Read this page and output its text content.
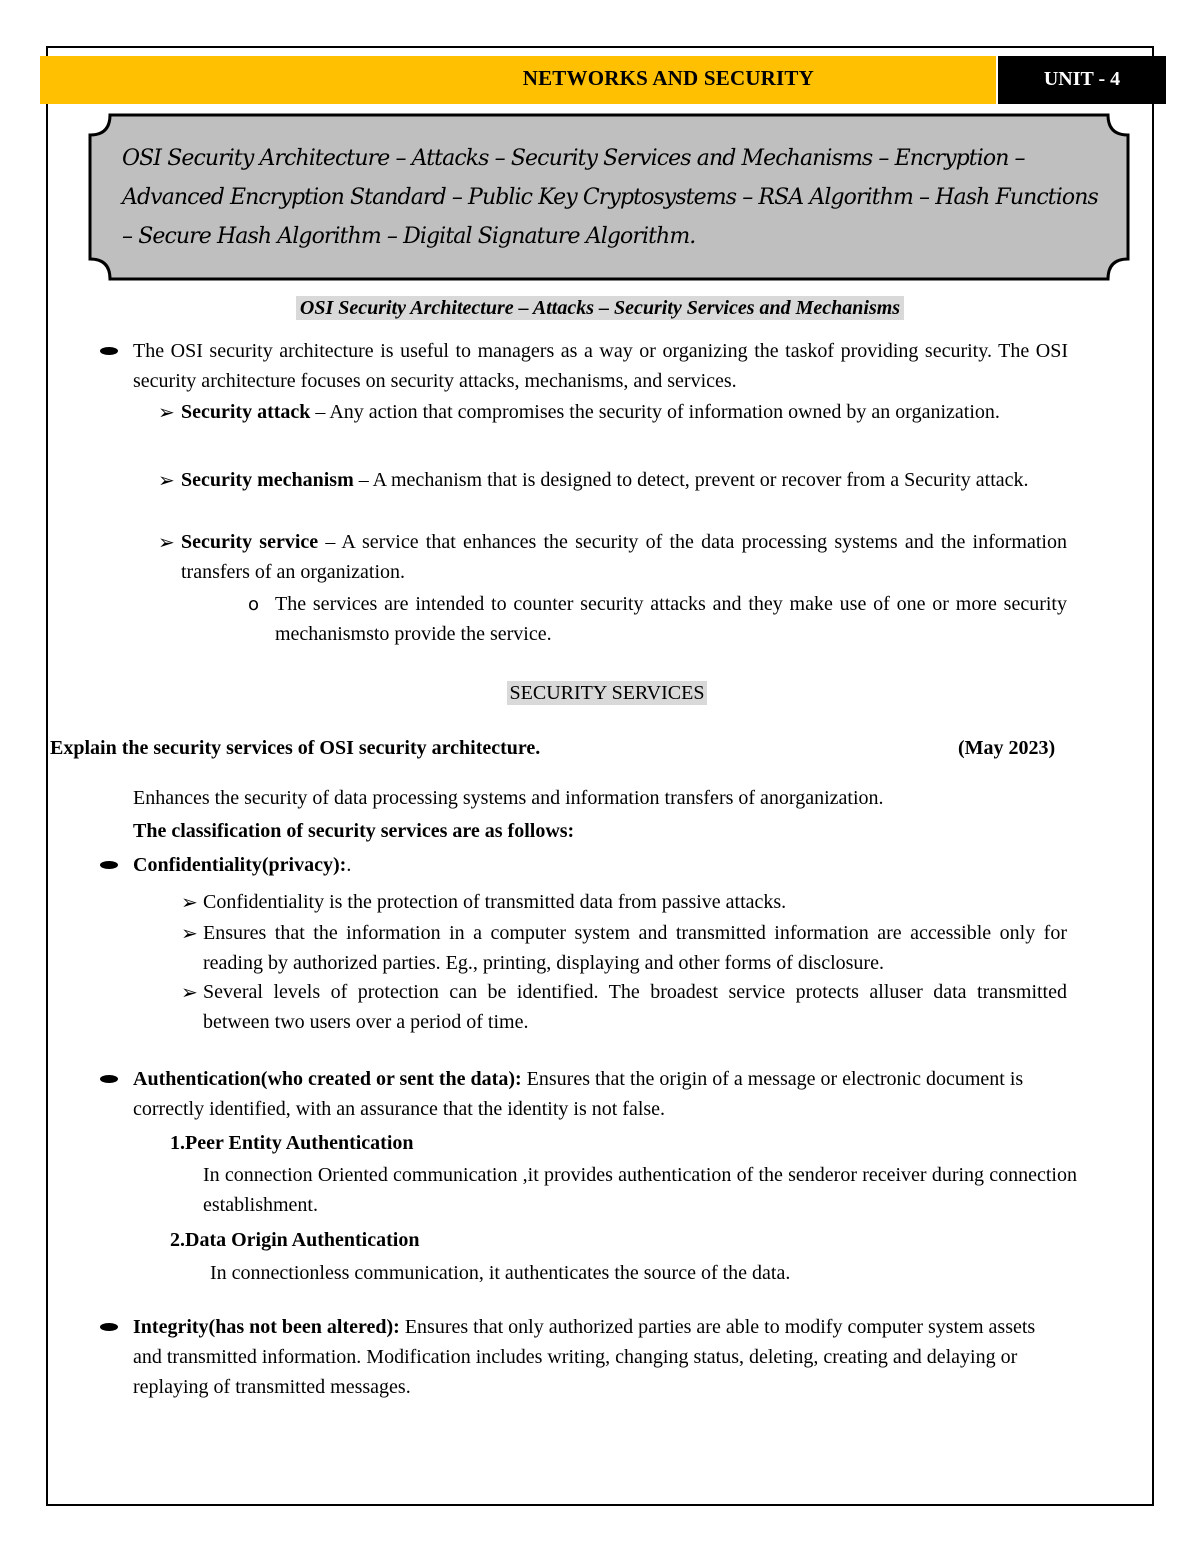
NETWORKS AND SECURITY	UNIT - 4
OSI Security Architecture – Attacks – Security Services and Mechanisms – Encryption –Advanced Encryption Standard – Public Key Cryptosystems – RSA Algorithm – Hash Functions – Secure Hash Algorithm – Digital Signature Algorithm.
OSI Security Architecture – Attacks – Security Services and Mechanisms
The OSI security architecture is useful to managers as a way or organizing the taskof providing security. The OSI security architecture focuses on security attacks, mechanisms, and services.
➢ Security attack – Any action that compromises the security of information owned by an organization.
➢ Security mechanism – A mechanism that is designed to detect, prevent or recover from a Security attack.
➢ Security service – A service that enhances the security of the data processing systems and the information transfers of an organization.
o The services are intended to counter security attacks and they make use of one or more security mechanismsto provide the service.
SECURITY SERVICES
Explain the security services of OSI security architecture.	(May 2023)
Enhances the security of data processing systems and information transfers of anorganization.
The classification of security services are as follows:
Confidentiality(privacy):.
➢ Confidentiality is the protection of transmitted data from passive attacks.
➢ Ensures that the information in a computer system and transmitted information are accessible only for reading by authorized parties. Eg., printing, displaying and other forms of disclosure.
➢ Several levels of protection can be identified. The broadest service protects alluser data transmitted between two users over a period of time.
Authentication(who created or sent the data): Ensures that the origin of a message or electronic document is correctly identified, with an assurance that the identity is not false.
1.Peer Entity Authentication
In connection Oriented communication ,it provides authentication of the senderor receiver during connection establishment.
2.Data Origin Authentication
In connectionless communication, it authenticates the source of the data.
Integrity(has not been altered): Ensures that only authorized parties are able to modify computer system assets and transmitted information. Modification includes writing, changing status, deleting, creating and delaying or replaying of transmitted messages.
